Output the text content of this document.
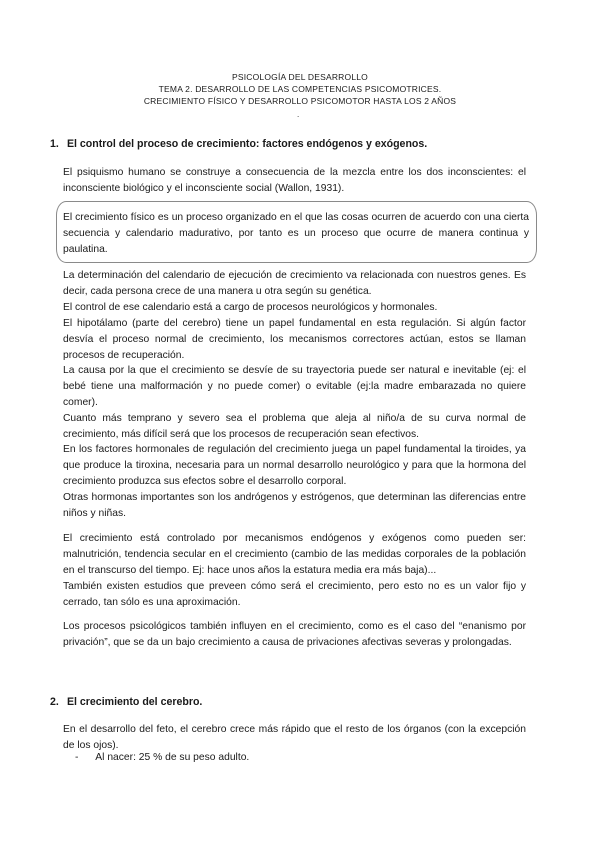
PSICOLOGÍA DEL DESARROLLO
TEMA 2. DESARROLLO DE LAS COMPETENCIAS PSICOMOTRICES.
CRECIMIENTO FÍSICO Y DESARROLLO PSICOMOTOR HASTA LOS 2 AÑOS
.
1. El control del proceso de crecimiento: factores endógenos y exógenos.

El psiquismo humano se construye a consecuencia de la mezcla entre los dos inconscientes: el inconsciente biológico y el inconsciente social (Wallon, 1931).

El crecimiento físico es un proceso organizado en el que las cosas ocurren de acuerdo con una cierta secuencia y calendario madurativo, por tanto es un proceso que ocurre de manera continua y paulatina.

La determinación del calendario de ejecución de crecimiento va relacionada con nuestros genes. Es decir, cada persona crece de una manera u otra según su genética.

El control de ese calendario está a cargo de procesos neurológicos y hormonales.

El hipotálamo (parte del cerebro) tiene un papel fundamental en esta regulación. Si algún factor desvía el proceso normal de crecimiento, los mecanismos correctores actúan, estos se llaman procesos de recuperación.

La causa por la que el crecimiento se desvíe de su trayectoria puede ser natural e inevitable (ej: el bebé tiene una malformación y no puede comer) o evitable (ej:la madre embarazada no quiere comer).

Cuanto más temprano y severo sea el problema que aleja al niño/a de su curva normal de crecimiento, más difícil será que los procesos de recuperación sean efectivos.

En los factores hormonales de regulación del crecimiento juega un papel fundamental la tiroides, ya que produce la tiroxina, necesaria para un normal desarrollo neurológico y para que la hormona del crecimiento produzca sus efectos sobre el desarrollo corporal.

Otras hormonas importantes son los andrógenos y estrógenos, que determinan las diferencias entre niños y niñas.

El crecimiento está controlado por mecanismos endógenos y exógenos como pueden ser: malnutrición, tendencia secular en el crecimiento (cambio de las medidas corporales de la población en el transcurso del tiempo. Ej: hace unos años la estatura media era más baja)...

También existen estudios que preveen cómo será el crecimiento, pero esto no es un valor fijo y cerrado, tan sólo es una aproximación.

Los procesos psicológicos también influyen en el crecimiento, como es el caso del “enanismo por privación”, que se da un bajo crecimiento a causa de privaciones afectivas severas y prolongadas.

2. El crecimiento del cerebro.

En el desarrollo del feto, el cerebro crece más rápido que el resto de los órganos (con la excepción de los ojos).

- Al nacer: 25 % de su peso adulto.
